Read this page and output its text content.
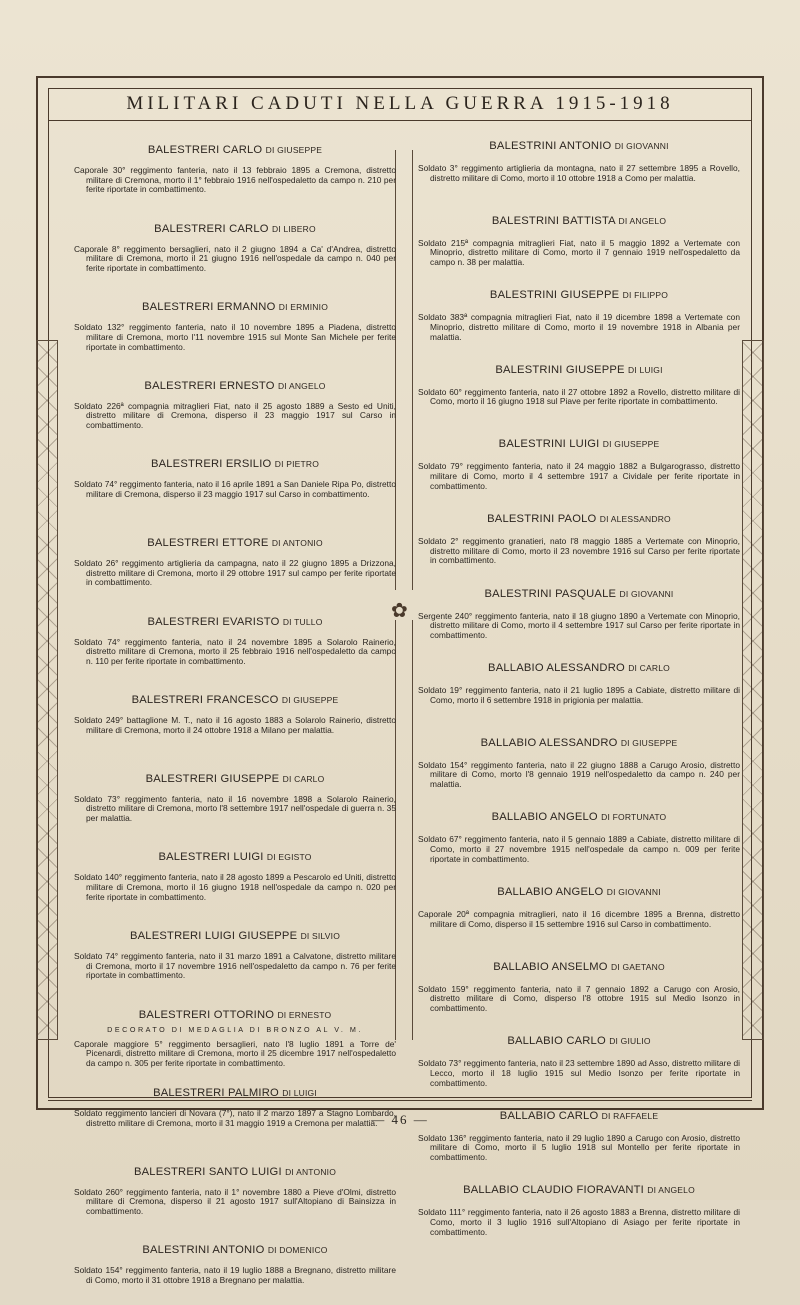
MILITARI CADUTI NELLA GUERRA 1915-1918
✿
BALESTRERI CARLO DI GIUSEPPE
Caporale 30° reggimento fanteria, nato il 13 febbraio 1895 a Cremona, distretto militare di Cremona, morto il 1° febbraio 1916 nell'ospedaletto da campo n. 210 per ferite riportate in combattimento.
BALESTRERI CARLO DI LIBERO
Caporale 8° reggimento bersaglieri, nato il 2 giugno 1894 a Ca' d'Andrea, distretto militare di Cremona, morto il 21 giugno 1916 nell'ospedale da campo n. 040 per ferite riportate in combattimento.
BALESTRERI ERMANNO DI ERMINIO
Soldato 132° reggimento fanteria, nato il 10 novembre 1895 a Piadena, distretto militare di Cremona, morto l'11 novembre 1915 sul Monte San Michele per ferite riportate in combattimento.
BALESTRERI ERNESTO DI ANGELO
Soldato 226ª compagnia mitraglieri Fiat, nato il 25 agosto 1889 a Sesto ed Uniti, distretto militare di Cremona, disperso il 23 maggio 1917 sul Carso in combattimento.
BALESTRERI ERSILIO DI PIETRO
Soldato 74° reggimento fanteria, nato il 16 aprile 1891 a San Daniele Ripa Po, distretto militare di Cremona, disperso il 23 maggio 1917 sul Carso in combattimento.
BALESTRERI ETTORE DI ANTONIO
Soldato 26° reggimento artiglieria da campagna, nato il 22 giugno 1895 a Drizzona, distretto militare di Cremona, morto il 29 ottobre 1917 sul campo per ferite riportate in combattimento.
BALESTRERI EVARISTO DI TULLO
Soldato 74° reggimento fanteria, nato il 24 novembre 1895 a Solarolo Rainerio, distretto militare di Cremona, morto il 25 febbraio 1916 nell'ospedaletto da campo n. 110 per ferite riportate in combattimento.
BALESTRERI FRANCESCO DI GIUSEPPE
Soldato 249° battaglione M. T., nato il 16 agosto 1883 a Solarolo Rainerio, distretto militare di Cremona, morto il 24 ottobre 1918 a Milano per malattia.
BALESTRERI GIUSEPPE DI CARLO
Soldato 73° reggimento fanteria, nato il 16 novembre 1898 a Solarolo Rainerio, distretto militare di Cremona, morto l'8 settembre 1917 nell'ospedale di guerra n. 35 per malattia.
BALESTRERI LUIGI DI EGISTO
Soldato 140° reggimento fanteria, nato il 28 agosto 1899 a Pescarolo ed Uniti, distretto militare di Cremona, morto il 16 giugno 1918 nell'ospedale da campo n. 020 per ferite riportate in combattimento.
BALESTRERI LUIGI GIUSEPPE DI SILVIO
Soldato 74° reggimento fanteria, nato il 31 marzo 1891 a Calvatone, distretto militare di Cremona, morto il 17 novembre 1916 nell'ospedaletto da campo n. 76 per ferite riportate in combattimento.
BALESTRERI OTTORINO DI ERNESTO
DECORATO DI MEDAGLIA DI BRONZO AL V. M.
Caporale maggiore 5° reggimento bersaglieri, nato l'8 luglio 1891 a Torre de' Picenardi, distretto militare di Cremona, morto il 25 dicembre 1917 nell'ospedaletto da campo n. 305 per ferite riportate in combattimento.
BALESTRERI PALMIRO DI LUIGI
Soldato reggimento lancieri di Novara (7°), nato il 2 marzo 1897 a Stagno Lombardo, distretto militare di Cremona, morto il 31 maggio 1919 a Cremona per malattia.
BALESTRERI SANTO LUIGI DI ANTONIO
Soldato 260° reggimento fanteria, nato il 1° novembre 1880 a Pieve d'Olmi, distretto militare di Cremona, disperso il 21 agosto 1917 sull'Altopiano di Bainsizza in combattimento.
BALESTRINI ANTONIO DI DOMENICO
Soldato 154° reggimento fanteria, nato il 19 luglio 1888 a Bregnano, distretto militare di Como, morto il 31 ottobre 1918 a Bregnano per malattia.
BALESTRINI ANTONIO DI GIOVANNI
Soldato 3° reggimento artiglieria da montagna, nato il 27 settembre 1895 a Rovello, distretto militare di Como, morto il 10 ottobre 1918 a Como per malattia.
BALESTRINI BATTISTA DI ANGELO
Soldato 215ª compagnia mitraglieri Fiat, nato il 5 maggio 1892 a Vertemate con Minoprio, distretto militare di Como, morto il 7 gennaio 1919 nell'ospedaletto da campo n. 38 per malattia.
BALESTRINI GIUSEPPE DI FILIPPO
Soldato 383ª compagnia mitraglieri Fiat, nato il 19 dicembre 1898 a Vertemate con Minoprio, distretto militare di Como, morto il 19 novembre 1918 in Albania per malattia.
BALESTRINI GIUSEPPE DI LUIGI
Soldato 60° reggimento fanteria, nato il 27 ottobre 1892 a Rovello, distretto militare di Como, morto il 16 giugno 1918 sul Piave per ferite riportate in combattimento.
BALESTRINI LUIGI DI GIUSEPPE
Soldato 79° reggimento fanteria, nato il 24 maggio 1882 a Bulgarograsso, distretto militare di Como, morto il 4 settembre 1917 a Cividale per ferite riportate in combattimento.
BALESTRINI PAOLO DI ALESSANDRO
Soldato 2° reggimento granatieri, nato l'8 maggio 1885 a Vertemate con Minoprio, distretto militare di Como, morto il 23 novembre 1916 sul Carso per ferite riportate in combattimento.
BALESTRINI PASQUALE DI GIOVANNI
Sergente 240° reggimento fanteria, nato il 18 giugno 1890 a Vertemate con Minoprio, distretto militare di Como, morto il 4 settembre 1917 sul Carso per ferite riportate in combattimento.
BALLABIO ALESSANDRO DI CARLO
Soldato 19° reggimento fanteria, nato il 21 luglio 1895 a Cabiate, distretto militare di Como, morto il 6 settembre 1918 in prigionia per malattia.
BALLABIO ALESSANDRO DI GIUSEPPE
Soldato 154° reggimento fanteria, nato il 22 giugno 1888 a Carugo Arosio, distretto militare di Como, morto l'8 gennaio 1919 nell'ospedaletto da campo n. 240 per malattia.
BALLABIO ANGELO DI FORTUNATO
Soldato 67° reggimento fanteria, nato il 5 gennaio 1889 a Cabiate, distretto militare di Como, morto il 27 novembre 1915 nell'ospedale da campo n. 009 per ferite riportate in combattimento.
BALLABIO ANGELO DI GIOVANNI
Caporale 20ª compagnia mitraglieri, nato il 16 dicembre 1895 a Brenna, distretto militare di Como, disperso il 15 settembre 1916 sul Carso in combattimento.
BALLABIO ANSELMO DI GAETANO
Soldato 159° reggimento fanteria, nato il 7 gennaio 1892 a Carugo con Arosio, distretto militare di Como, disperso l'8 ottobre 1915 sul Medio Isonzo in combattimento.
BALLABIO CARLO DI GIULIO
Soldato 73° reggimento fanteria, nato il 23 settembre 1890 ad Asso, distretto militare di Lecco, morto il 18 luglio 1915 sul Medio Isonzo per ferite riportate in combattimento.
BALLABIO CARLO DI RAFFAELE
Soldato 136° reggimento fanteria, nato il 29 luglio 1890 a Carugo con Arosio, distretto militare di Como, morto il 5 luglio 1918 sul Montello per ferite riportate in combattimento.
BALLABIO CLAUDIO FIORAVANTI DI ANGELO
Soldato 111° reggimento fanteria, nato il 26 agosto 1883 a Brenna, distretto militare di Como, morto il 3 luglio 1916 sull'Altopiano di Asiago per ferite riportate in combattimento.
— 46 —
